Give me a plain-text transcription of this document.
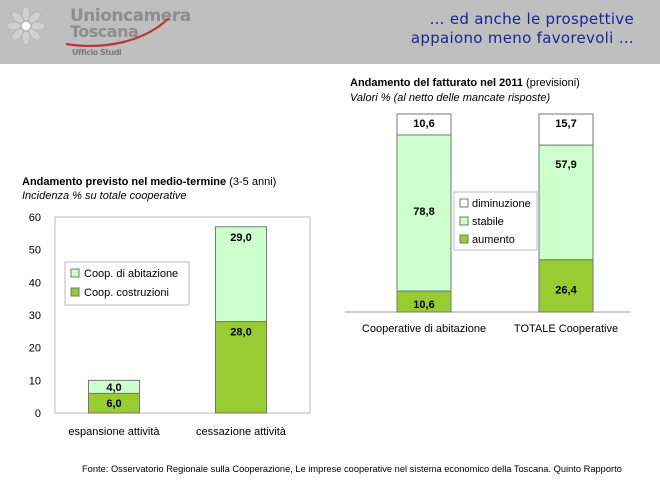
Unioncamera
Toscana
Ufficio Studi
… ed anche le prospettive
appaiono meno favorevoli …
Andamento previsto nel medio-termine (3-5 anni)
Incidenza % su totale cooperative
0
10
20
30
40
50
60
6,0
4,0
espansione attività
28,0
29,0
cessazione attività
Coop. di abitazione
Coop. costruzioni
Andamento del fatturato nel 2011 (previsioni)
Valori % (al netto delle mancate risposte)
10,6
78,8
10,6
Cooperative di abitazione
26,4
57,9
15,7
TOTALE Cooperative
diminuzione
stabile
aumento
Fonte: Osservatorio Regionale sulla Cooperazione, Le imprese cooperative nel sistema economico della Toscana. Quinto Rapporto
